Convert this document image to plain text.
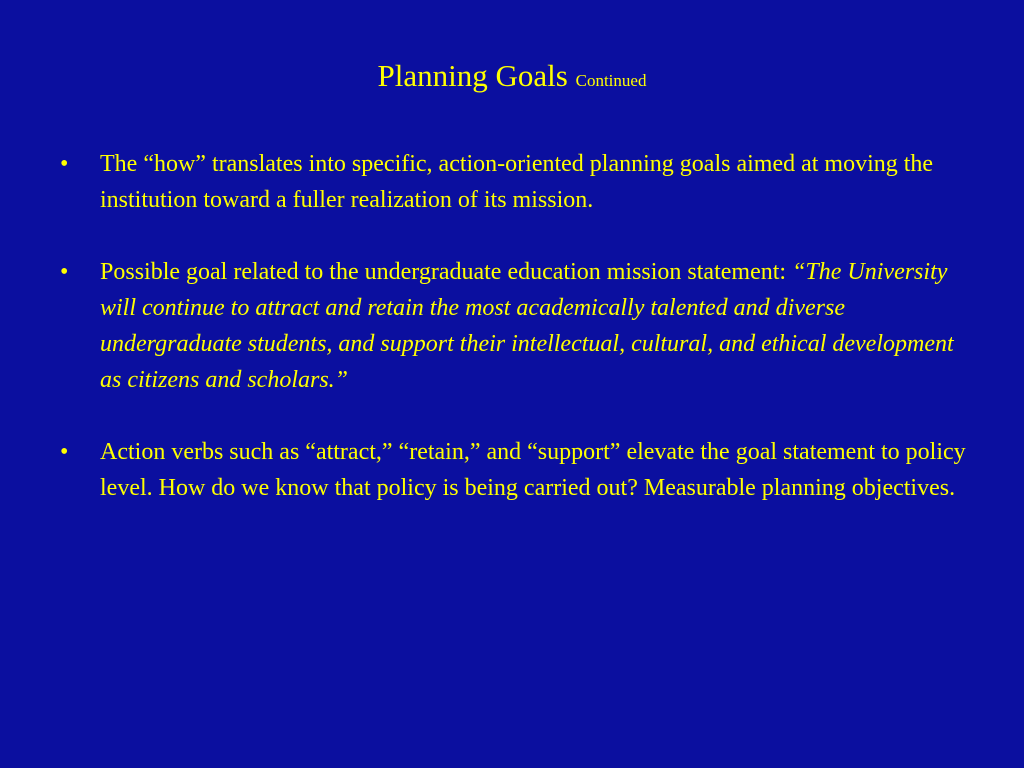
Planning Goals Continued
• The “how” translates into specific, action-oriented planning goals aimed at moving the institution toward a fuller realization of its mission.
• Possible goal related to the undergraduate education mission statement: “The University will continue to attract and retain the most academically talented and diverse undergraduate students, and support their intellectual, cultural, and ethical development as citizens and scholars.”
• Action verbs such as “attract,” “retain,” and “support” elevate the goal statement to policy level. How do we know that policy is being carried out? Measurable planning objectives.
